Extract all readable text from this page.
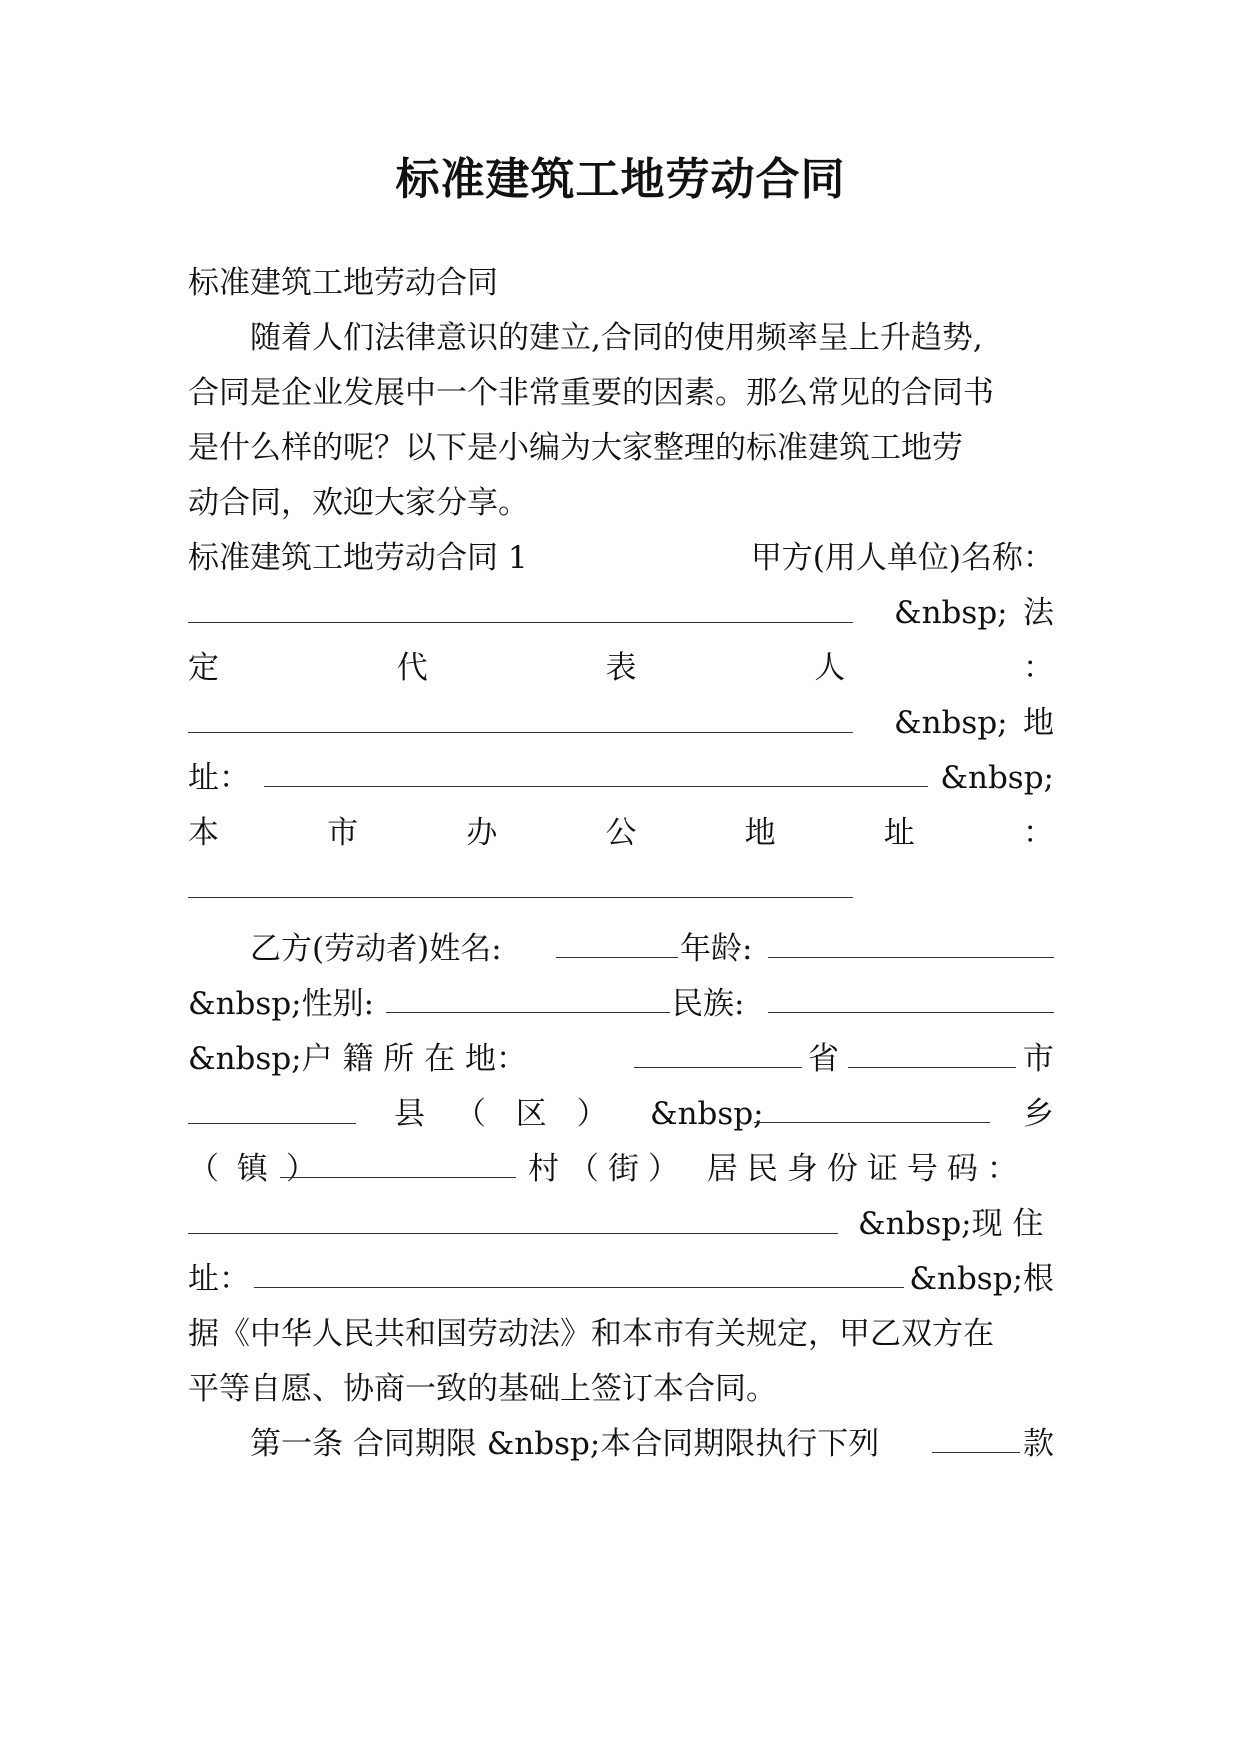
标准建筑工地劳动合同
标准建筑工地劳动合同
随着人们法律意识的建立,合同的使用频率呈上升趋势,
合同是企业发展中一个非常重要的因素。那么常见的合同书
是什么样的呢？以下是小编为大家整理的标准建筑工地劳
动合同，欢迎大家分享。
标准建筑工地劳动合同 1	甲方(用人单位)名称：
&nbsp; 法
定	代	表	人	：
&nbsp; 地
址：	&nbsp;
本	市	办	公	地	址	：
乙方(劳动者)姓名:	年龄:
&nbsp;性别:	民族:
&nbsp;户 籍 所 在 地：	省	市
县 （ 区 ） &nbsp;	乡
（ 镇 ）	村（街） 居民身份证号码：
&nbsp;现 住
址：	&nbsp;根
据《中华人民共和国劳动法》和本市有关规定，甲乙双方在
平等自愿、协商一致的基础上签订本合同。
第一条 合同期限 &nbsp;本合同期限执行下列	款
